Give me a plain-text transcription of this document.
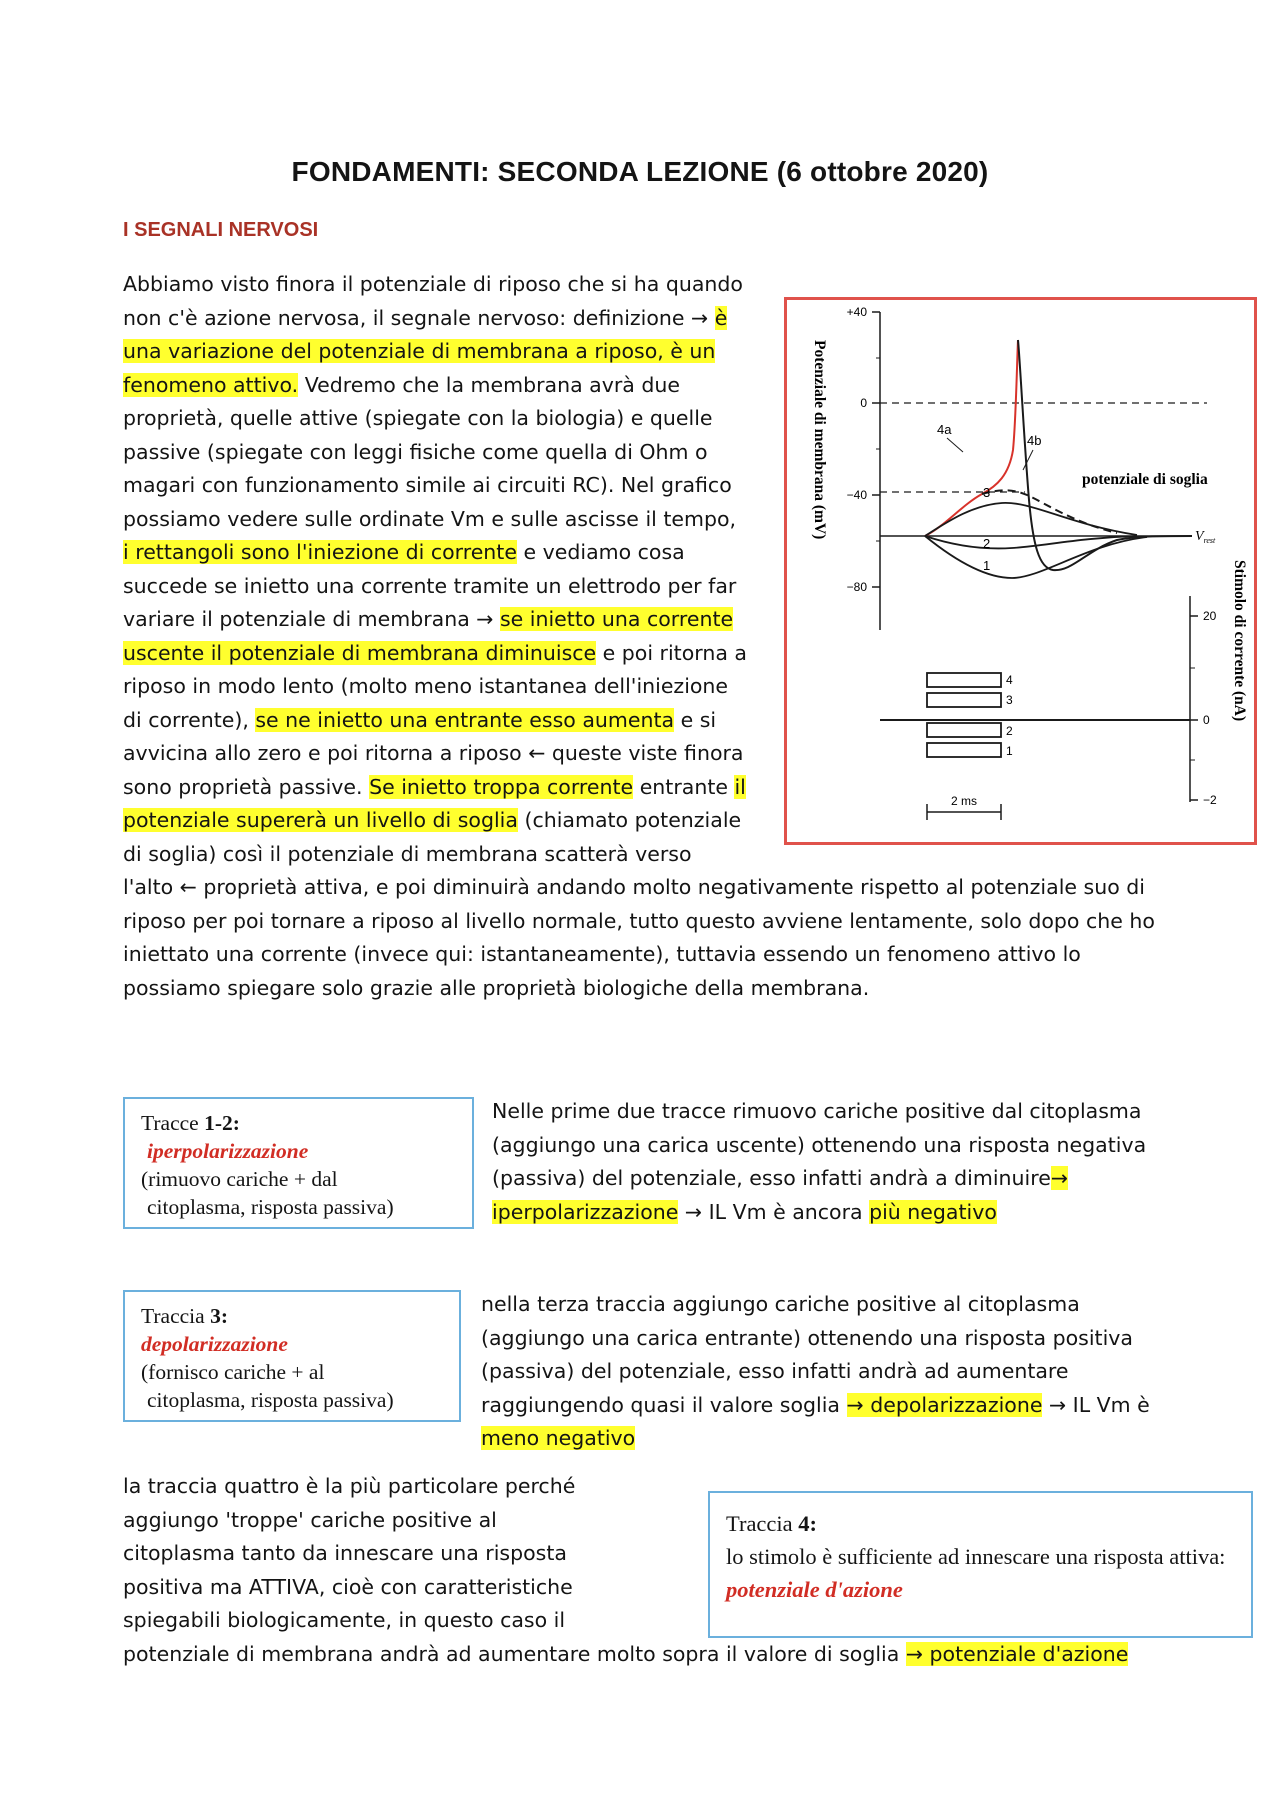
FONDAMENTI: SECONDA LEZIONE (6 ottobre 2020)
I SEGNALI NERVOSI

Abbiamo visto finora il potenziale di riposo che si ha quando non c'è azione nervosa, il segnale nervoso: definizione → è una variazione del potenziale di membrana a riposo, è un fenomeno attivo. Vedremo che la membrana avrà due proprietà, quelle attive (spiegate con la biologia) e quelle passive (spiegate con leggi fisiche come quella di Ohm o magari con funzionamento simile ai circuiti RC). Nel grafico possiamo vedere sulle ordinate Vm e sulle ascisse il tempo, i rettangoli sono l'iniezione di corrente e vediamo cosa succede se inietto una corrente tramite un elettrodo per far variare il potenziale di membrana → se inietto una corrente uscente il potenziale di membrana diminuisce e poi ritorna a riposo in modo lento (molto meno istantanea dell'iniezione di corrente), se ne inietto una entrante esso aumenta e si avvicina allo zero e poi ritorna a riposo ← queste viste finora sono proprietà passive. Se inietto troppa corrente entrante il potenziale supererà un livello di soglia (chiamato potenziale di soglia) così il potenziale di membrana scatterà verso l'alto ← proprietà attiva, e poi diminuirà andando molto negativamente rispetto al potenziale suo di riposo per poi tornare a riposo al livello normale, tutto questo avviene lentamente, solo dopo che ho iniettato una corrente (invece qui: istantaneamente), tuttavia essendo un fenomeno attivo lo possiamo spiegare solo grazie alle proprietà biologiche della membrana.

+40
0
−40
−80
Potenziale di membrana (mV)	potenziale di soglia
$V_{rest}$
4a
4b
3
2
1
20
0
−2
Stimolo di corrente (nA)
4
3
2
1
2 ms
Tracce 1-2:
iperpolarizzazione
(rimuovo cariche + dal
citoplasma, risposta passiva)

Nelle prime due tracce rimuovo cariche positive dal citoplasma (aggiungo una carica uscente) ottenendo una risposta negativa (passiva) del potenziale, esso infatti andrà a diminuire→ iperpolarizzazione → IL Vm è ancora più negativo

Traccia 3:
depolarizzazione
(fornisco cariche + al
citoplasma, risposta passiva)

nella terza traccia aggiungo cariche positive al citoplasma (aggiungo una carica entrante) ottenendo una risposta positiva (passiva) del potenziale, esso infatti andrà ad aumentare raggiungendo quasi il valore soglia → depolarizzazione → IL Vm è meno negativo

la traccia quattro è la più particolare perché aggiungo 'troppe' cariche positive al citoplasma tanto da innescare una risposta positiva ma ATTIVA, cioè con caratteristiche spiegabili biologicamente, in questo caso il potenziale di membrana andrà ad aumentare molto sopra il valore di soglia → potenziale d'azione

Traccia 4:
lo stimolo è sufficiente ad innescare una risposta attiva:
potenziale d'azione
